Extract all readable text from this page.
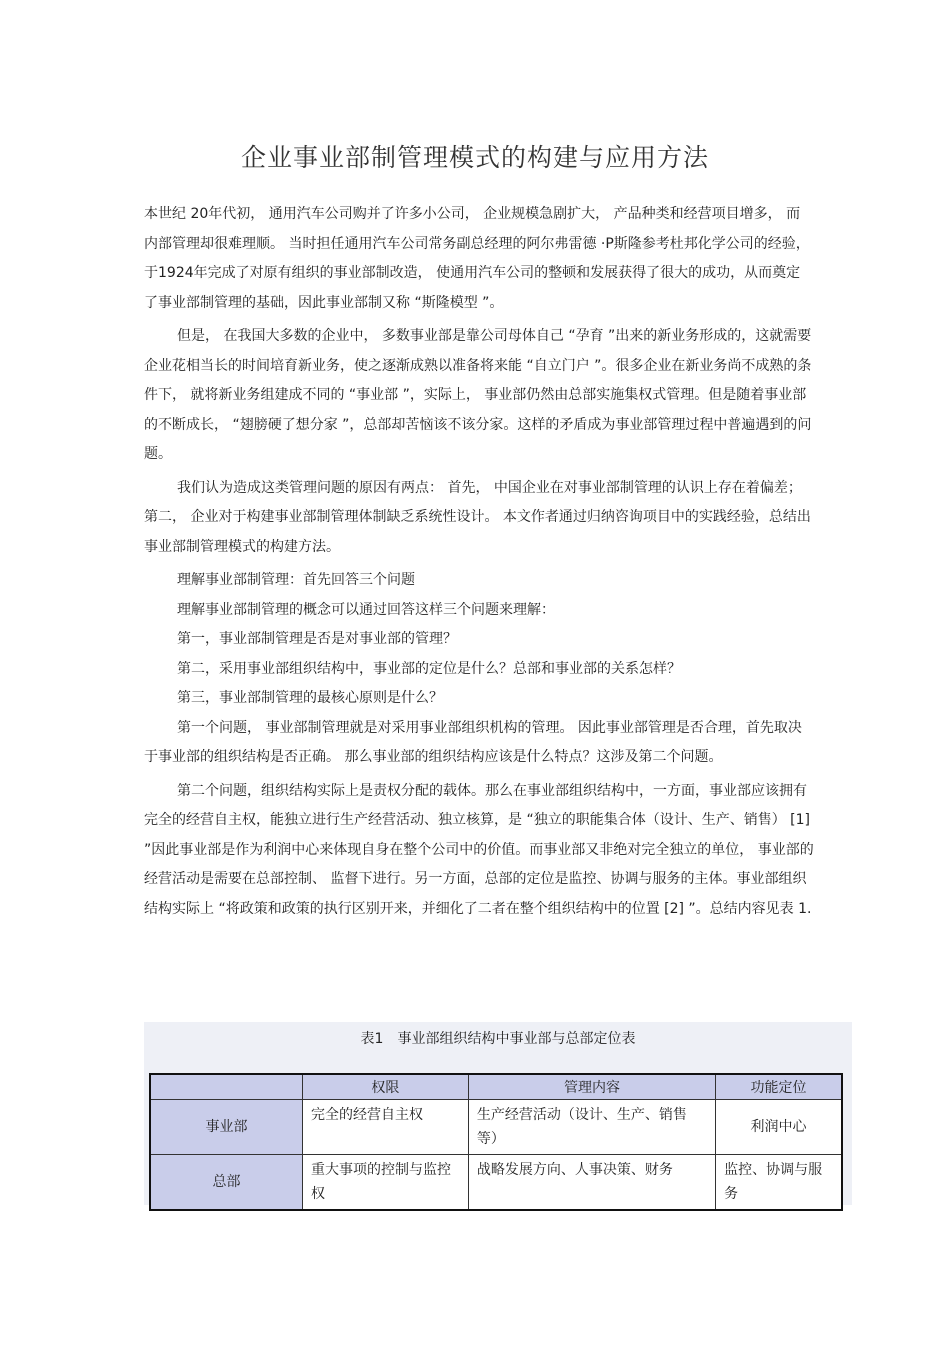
企业事业部制管理模式的构建与应用方法

本世纪 20年代初， 通用汽车公司购并了许多小公司， 企业规模急剧扩大， 产品种类和经营项目增多， 而内部管理却很难理顺。 当时担任通用汽车公司常务副总经理的阿尔弗雷德 ·P斯隆参考杜邦化学公司的经验， 于1924年完成了对原有组织的事业部制改造， 使通用汽车公司的整顿和发展获得了很大的成功，从而奠定了事业部制管理的基础，因此事业部制又称 “斯隆模型 ”。

但是， 在我国大多数的企业中， 多数事业部是靠公司母体自己 “孕育 ”出来的新业务形成的，这就需要企业花相当长的时间培育新业务，使之逐渐成熟以准备将来能 “自立门户 ”。很多企业在新业务尚不成熟的条件下， 就将新业务组建成不同的 “事业部 ”，实际上， 事业部仍然由总部实施集权式管理。但是随着事业部的不断成长， “翅膀硬了想分家 ”，总部却苦恼该不该分家。这样的矛盾成为事业部管理过程中普遍遇到的问题。

我们认为造成这类管理问题的原因有两点： 首先， 中国企业在对事业部制管理的认识上存在着偏差； 第二， 企业对于构建事业部制管理体制缺乏系统性设计。 本文作者通过归纳咨询项目中的实践经验，总结出事业部制管理模式的构建方法。

理解事业部制管理：首先回答三个问题

理解事业部制管理的概念可以通过回答这样三个问题来理解：

第一，事业部制管理是否是对事业部的管理？

第二，采用事业部组织结构中，事业部的定位是什么？总部和事业部的关系怎样？

第三，事业部制管理的最核心原则是什么？

第一个问题， 事业部制管理就是对采用事业部组织机构的管理。 因此事业部管理是否合理，首先取决于事业部的组织结构是否正确。 那么事业部的组织结构应该是什么特点？这涉及第二个问题。

第二个问题，组织结构实际上是责权分配的载体。那么在事业部组织结构中，一方面，事业部应该拥有完全的经营自主权，能独立进行生产经营活动、独立核算，是 “独立的职能集合体（设计、生产、销售） [1] ”因此事业部是作为利润中心来体现自身在整个公司中的价值。而事业部又非绝对完全独立的单位， 事业部的经营活动是需要在总部控制、 监督下进行。另一方面，总部的定位是监控、协调与服务的主体。事业部组织结构实际上 “将政策和政策的执行区别开来，并细化了二者在整个组织结构中的位置 [2] ”。总结内容见表 1.

表1　事业部组织结构中事业部与总部定位表
	权限	管理内容	功能定位
事业部	完全的经营自主权	生产经营活动（设计、生产、销售等）	利润中心
总部	重大事项的控制与监控权	战略发展方向、人事决策、财务	监控、协调与服务
